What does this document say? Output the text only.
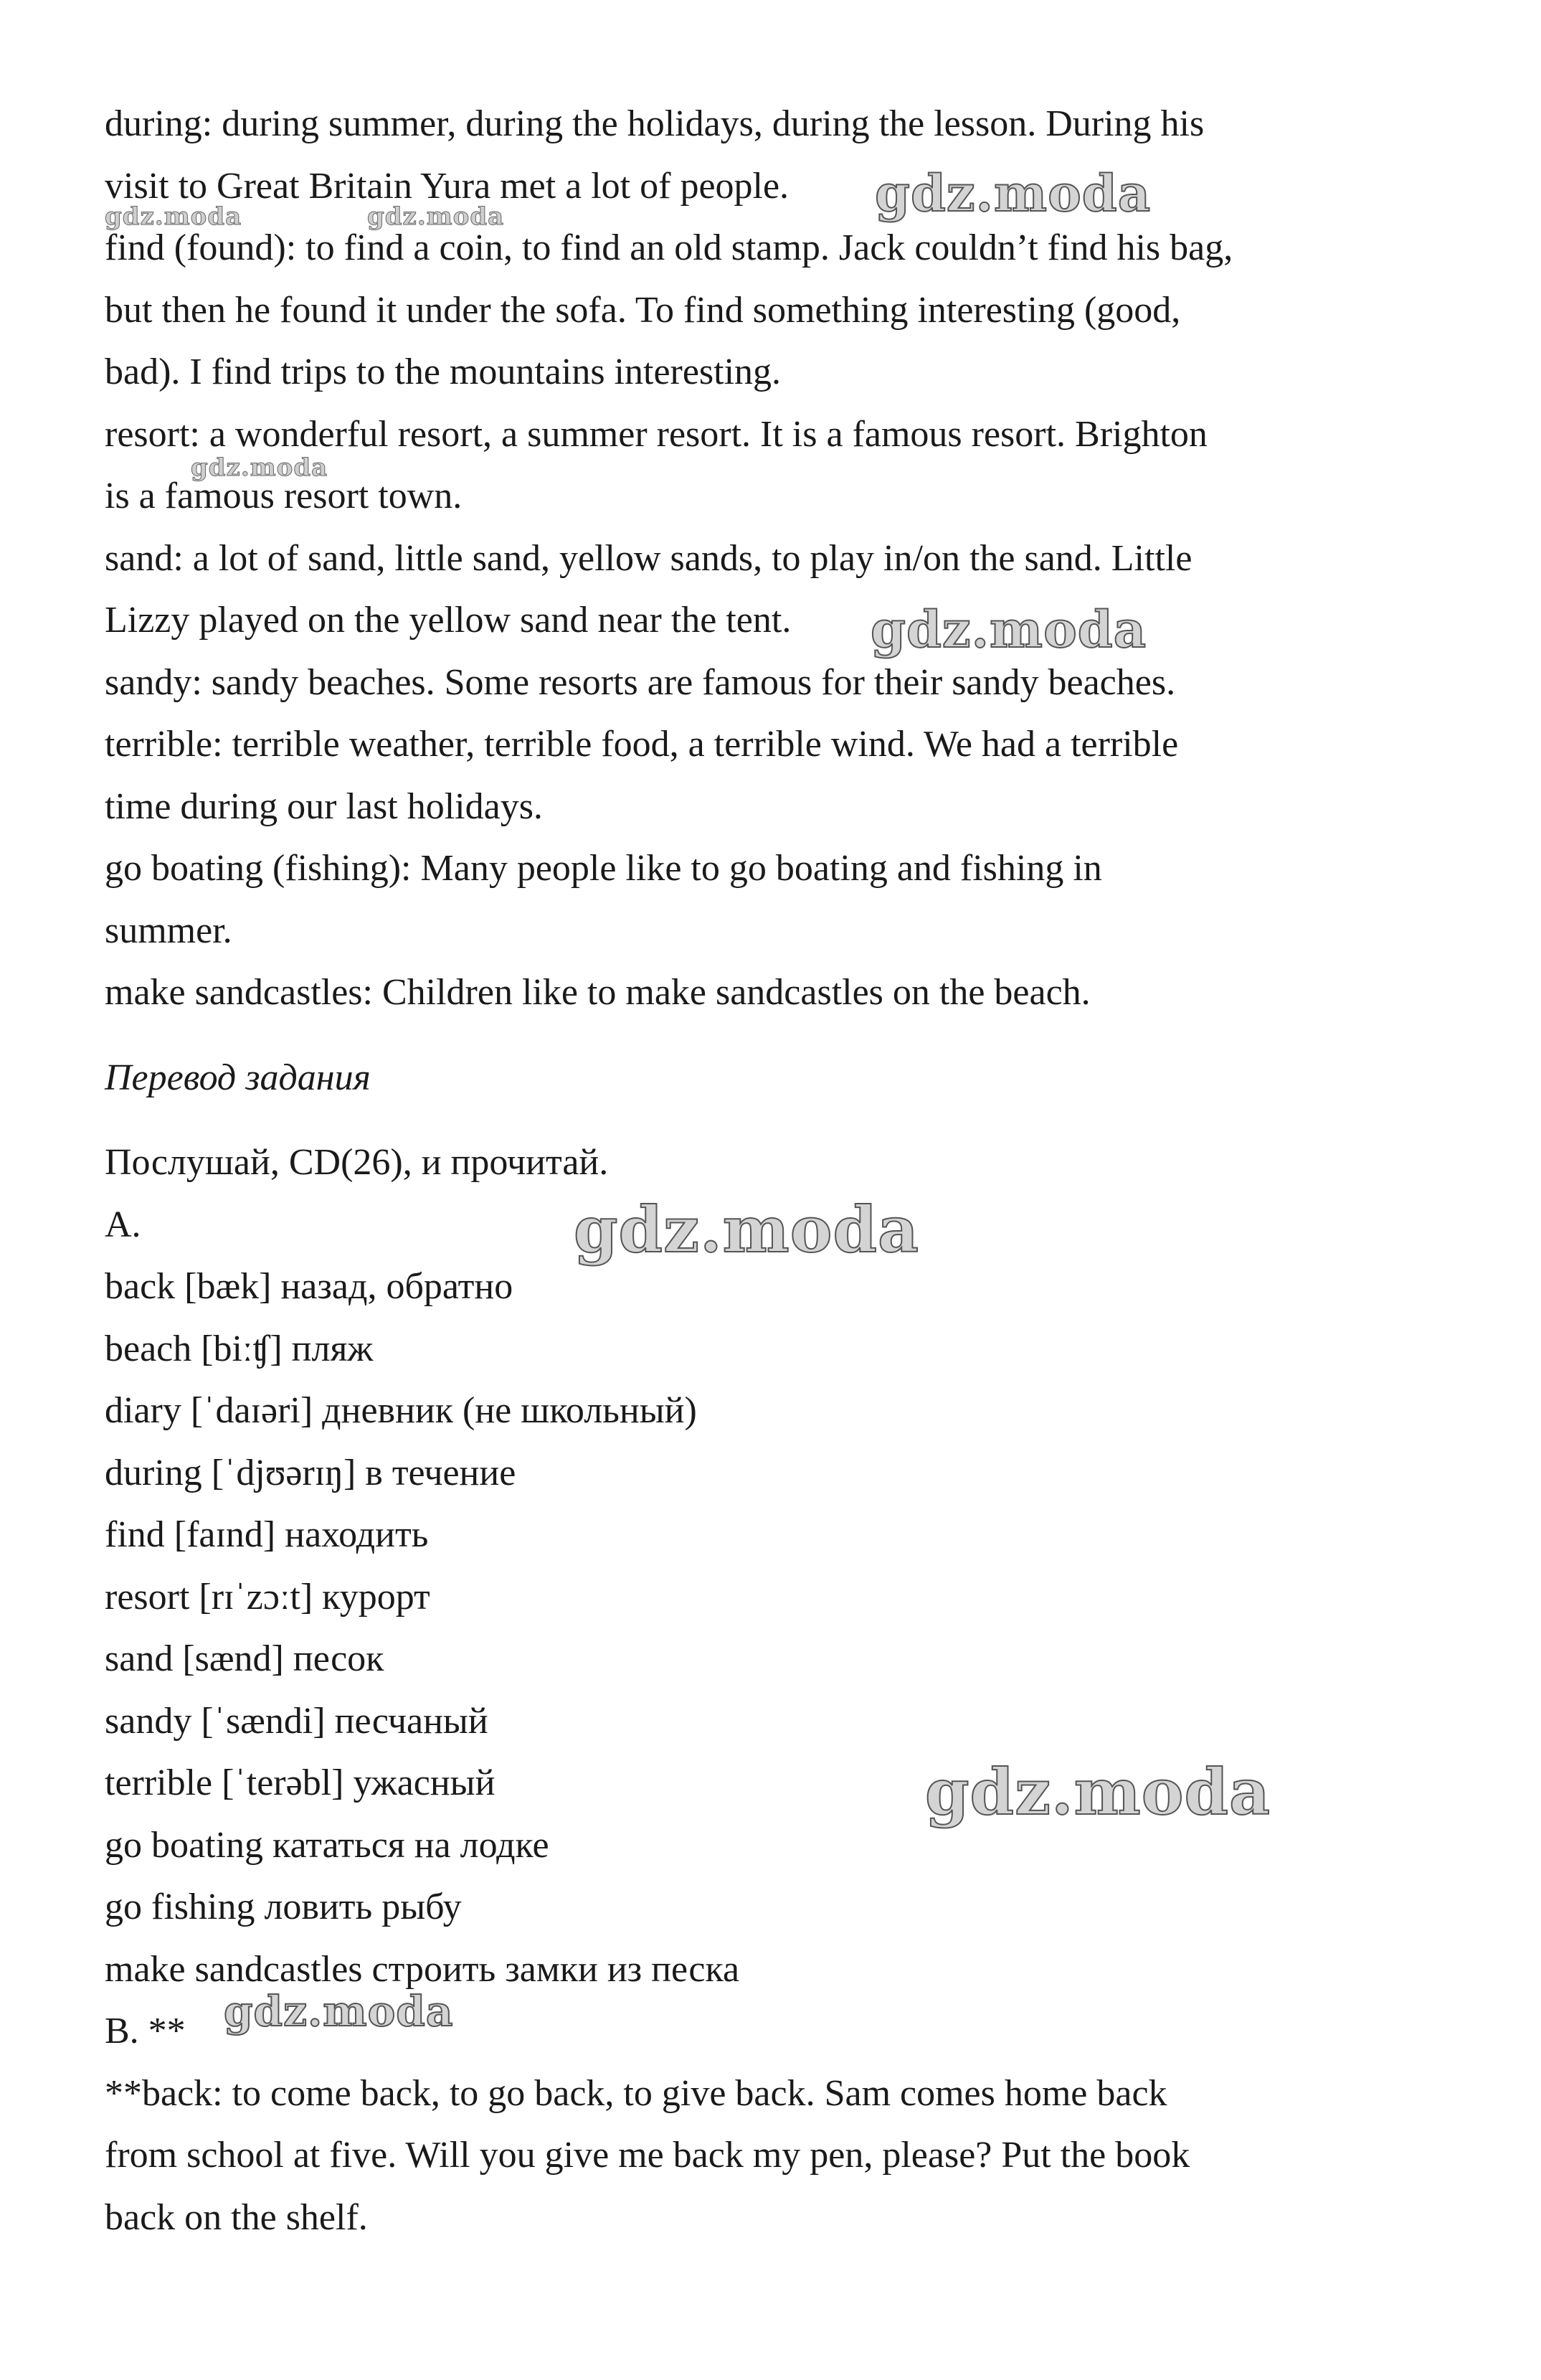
during: during summer, during the holidays, during the lesson. During his
visit to Great Britain Yura met a lot of people.
find (found): to find a coin, to find an old stamp. Jack couldn’t find his bag,
but then he found it under the sofa. To find something interesting (good,
bad). I find trips to the mountains interesting.
resort: a wonderful resort, a summer resort. It is a famous resort. Brighton
is a famous resort town.
sand: a lot of sand, little sand, yellow sands, to play in/on the sand. Little
Lizzy played on the yellow sand near the tent.
sandy: sandy beaches. Some resorts are famous for their sandy beaches.
terrible: terrible weather, terrible food, a terrible wind. We had a terrible
time during our last holidays.
go boating (fishing): Many people like to go boating and fishing in
summer.
make sandcastles: Children like to make sandcastles on the beach.
Перевод задания
Послушай, CD(26), и прочитай.
A.
back [bæk] назад, обратно
beach [biːʧ] пляж
diary [ˈdaɪəri] дневник (не школьный)
during [ˈdjʊərɪŋ] в течение
find [faɪnd] находить
resort [rɪˈzɔːt] курорт
sand [sænd] песок
sandy [ˈsændi] песчаный
terrible [ˈterəbl] ужасный
go boating кататься на лодке
go fishing ловить рыбу
make sandcastles строить замки из песка
B. **
**back: to come back, to go back, to give back. Sam comes home back
from school at five. Will you give me back my pen, please? Put the book
back on the shelf.
gdz.moda
gdz.moda	gdz.moda
gdz.moda
gdz.moda
gdz.moda
gdz.moda
gdz.moda
